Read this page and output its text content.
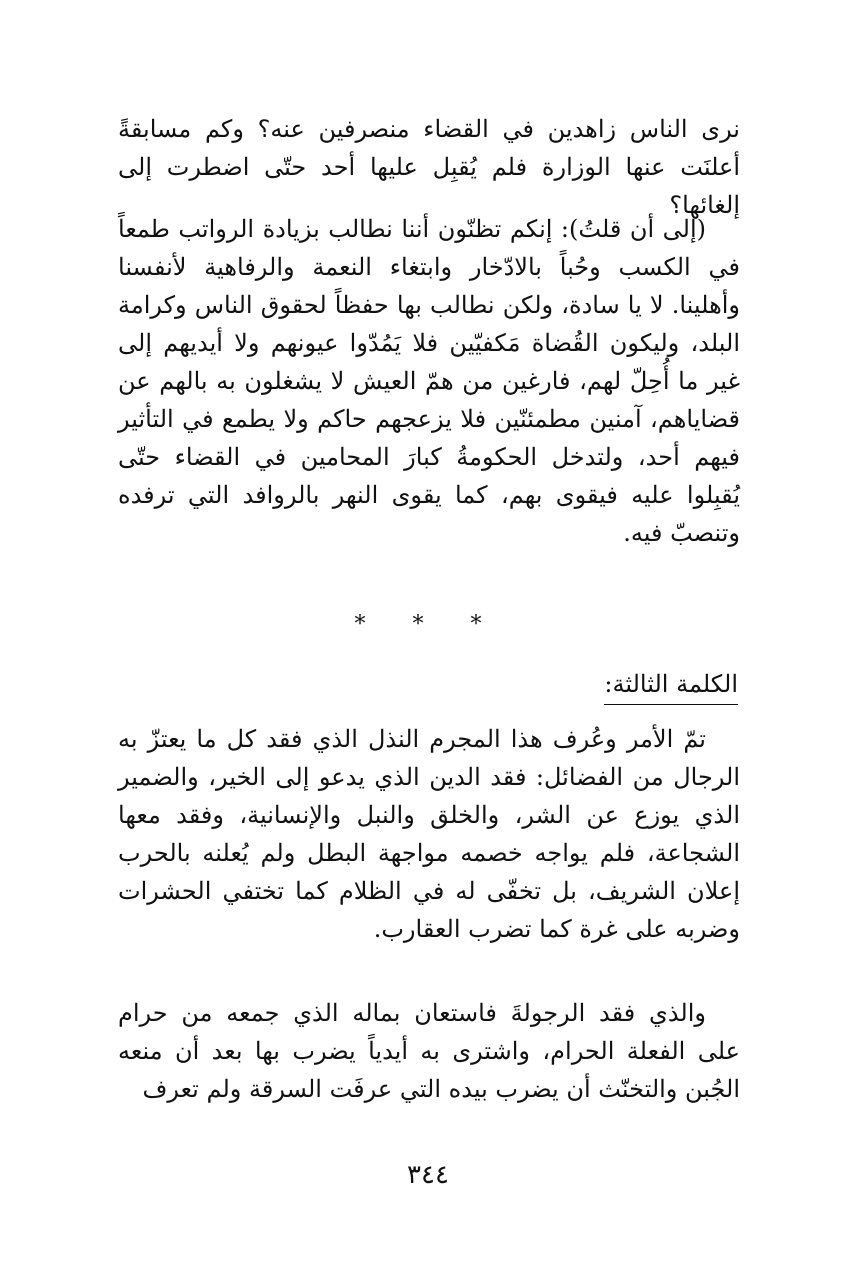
نرى الناس زاهدين في القضاء منصرفين عنه؟ وكم مسابقةً أعلنَت عنها الوزارة فلم يُقبِل عليها أحد حتّى اضطرت إلى إلغائها؟

(إلى أن قلتُ): إنكم تظنّون أننا نطالب بزيادة الرواتب طمعاً في الكسب وحُباً بالادّخار وابتغاء النعمة والرفاهية لأنفسنا وأهلينا. لا يا سادة، ولكن نطالب بها حفظاً لحقوق الناس وكرامة البلد، وليكون القُضاة مَكفيّين فلا يَمُدّوا عيونهم ولا أيديهم إلى غير ما أُحِلّ لهم، فارغين من همّ العيش لا يشغلون به بالهم عن قضاياهم، آمنين مطمئنّين فلا يزعجهم حاكم ولا يطمع في التأثير فيهم أحد، ولتدخل الحكومةُ كبارَ المحامين في القضاء حتّى يُقبِلوا عليه فيقوى بهم، كما يقوى النهر بالروافد التي ترفده وتنصبّ فيه.

* * *
الكلمة الثالثة:

تمّ الأمر وعُرف هذا المجرم النذل الذي فقد كل ما يعتزّ به الرجال من الفضائل: فقد الدين الذي يدعو إلى الخير، والضمير الذي يوزع عن الشر، والخلق والنبل والإنسانية، وفقد معها الشجاعة، فلم يواجه خصمه مواجهة البطل ولم يُعلنه بالحرب إعلان الشريف، بل تخفّى له في الظلام كما تختفي الحشرات وضربه على غرة كما تضرب العقارب.

والذي فقد الرجولةَ فاستعان بماله الذي جمعه من حرام على الفعلة الحرام، واشترى به أيدياً يضرب بها بعد أن منعه الجُبن والتخنّث أن يضرب بيده التي عرفَت السرقة ولم تعرف

٣٤٤
